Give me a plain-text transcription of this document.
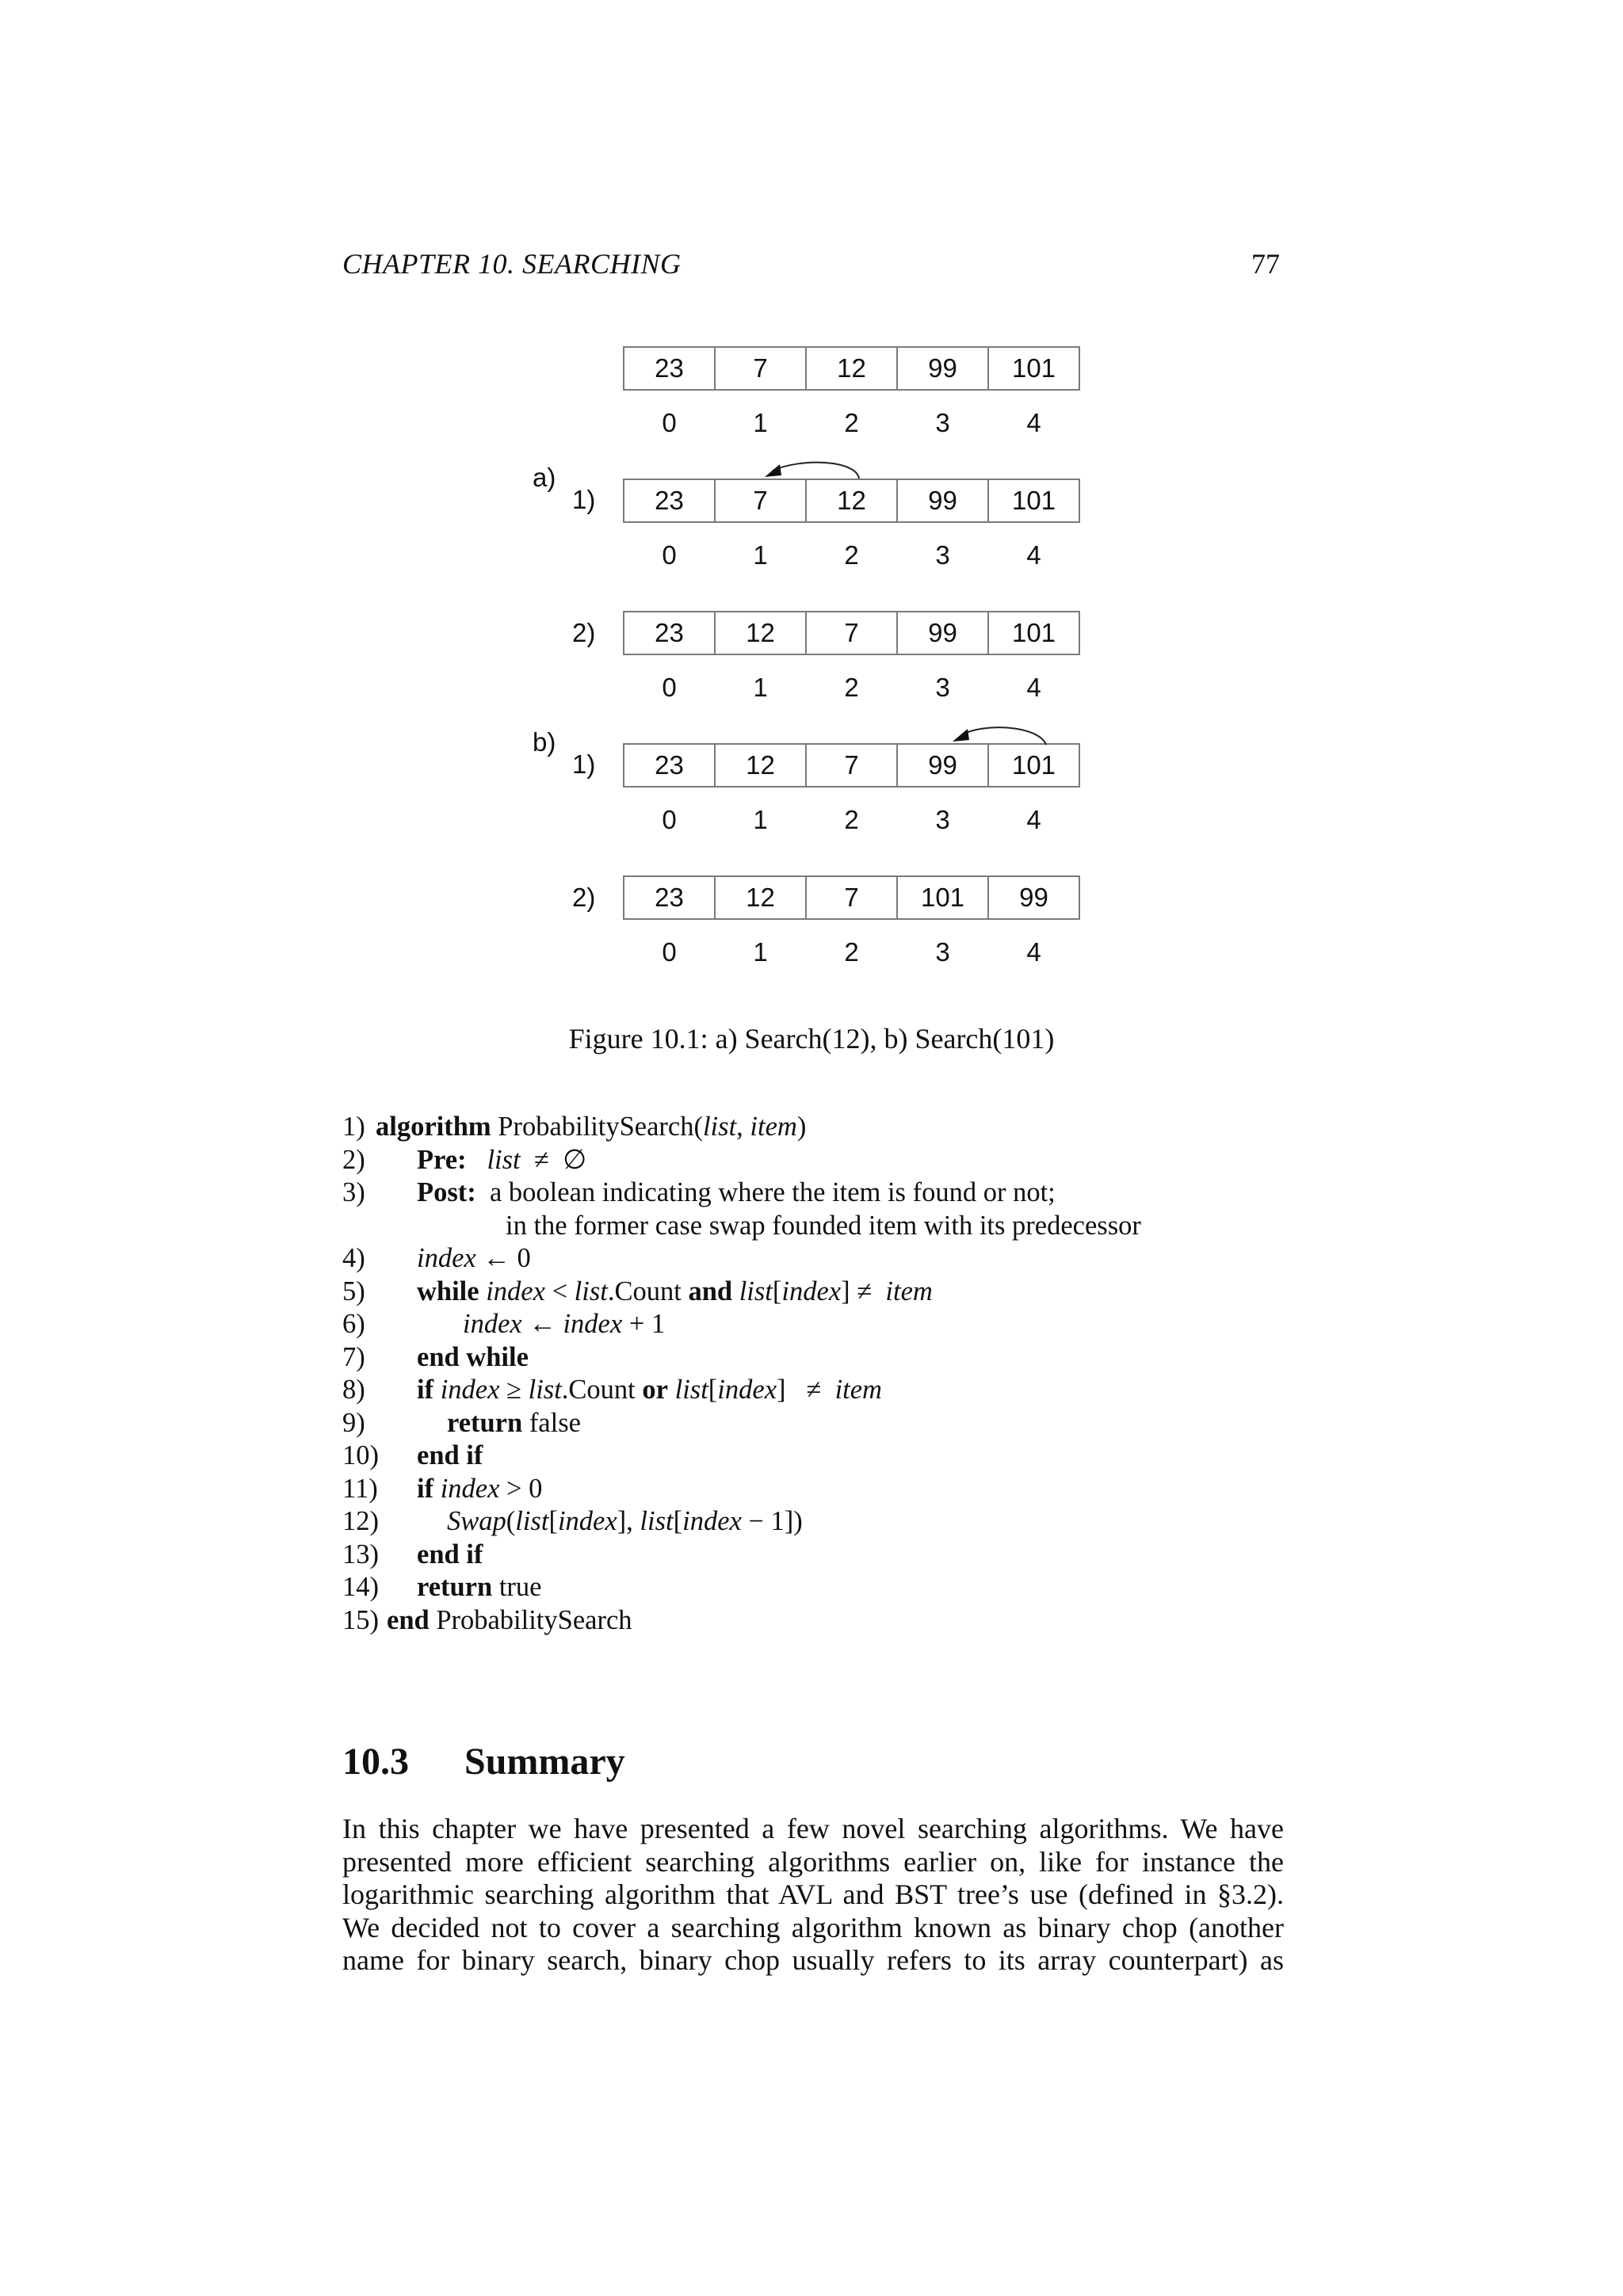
CHAPTER 10. SEARCHING	77
a)
1)
2)
b)
1)
2)
23	7	12	99	101
0	1	2	3	4
23	7	12	99	101
0	1	2	3	4
23	12	7	99	101
0	1	2	3	4
23	12	7	99	101
0	1	2	3	4
23	12	7	101	99
0	1	2	3	4
Figure 10.1: a) Search(12), b) Search(101)
1) algorithm ProbabilitySearch(list, item)
2) Pre: list  ≠  ∅
3) Post:  a boolean indicating where the item is found or not;
in the former case swap founded item with its predecessor
4) index ← 0
5) while index < list.Count and list[index] ≠  item
6)	index ← index + 1
7) end while
8) if index ≥ list.Count or list[index]   ≠  item
9)	return false
10) end if
11) if index > 0
12) Swap(list[index], list[index − 1])
13) end if
14) return true
15) end ProbabilitySearch
10.3 Summary
In this chapter we have presented a few novel searching algorithms. We have
presented more efficient searching algorithms earlier on, like for instance the
logarithmic searching algorithm that AVL and BST tree’s use (defined in §3.2).
We decided not to cover a searching algorithm known as binary chop (another
name for binary search, binary chop usually refers to its array counterpart) as
